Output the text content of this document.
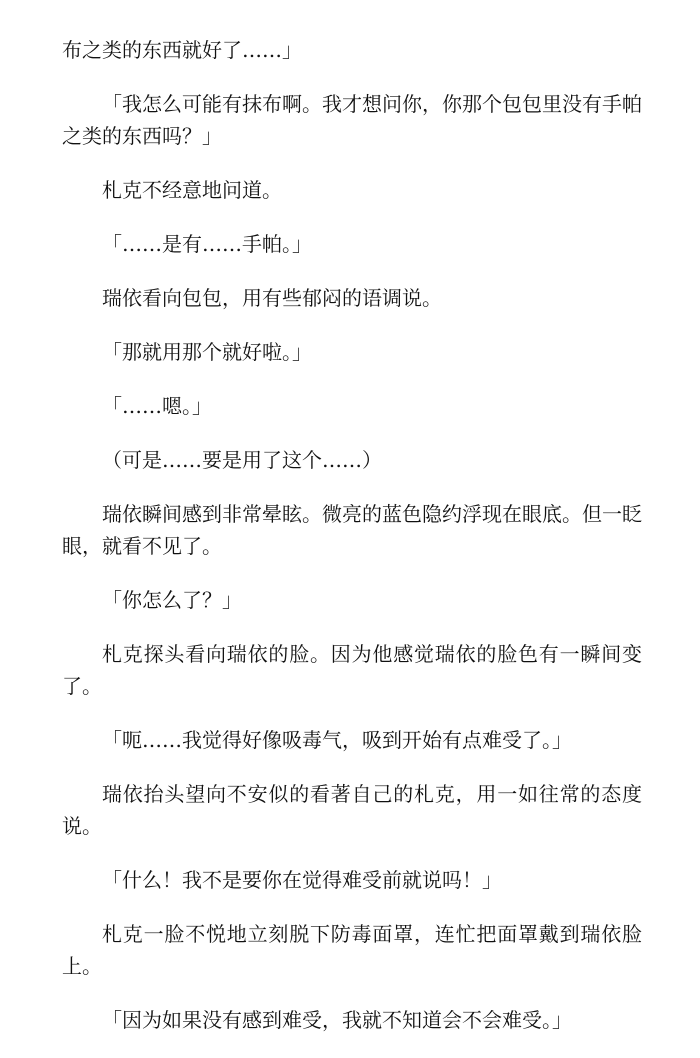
布之类的东西就好了……」

「我怎么可能有抹布啊。我才想问你，你那个包包里没有手帕之类的东西吗？」

札克不经意地问道。

「……是有……手帕。」

瑞依看向包包，用有些郁闷的语调说。

「那就用那个就好啦。」

「……嗯。」

（可是……要是用了这个……）

瑞依瞬间感到非常晕眩。微亮的蓝色隐约浮现在眼底。但一眨眼，就看不见了。

「你怎么了？」

札克探头看向瑞依的脸。因为他感觉瑞依的脸色有一瞬间变了。

「呃……我觉得好像吸毒气，吸到开始有点难受了。」

瑞依抬头望向不安似的看著自己的札克，用一如往常的态度说。

「什么！我不是要你在觉得难受前就说吗！」

札克一脸不悦地立刻脱下防毒面罩，连忙把面罩戴到瑞依脸上。

「因为如果没有感到难受，我就不知道会不会难受。」
